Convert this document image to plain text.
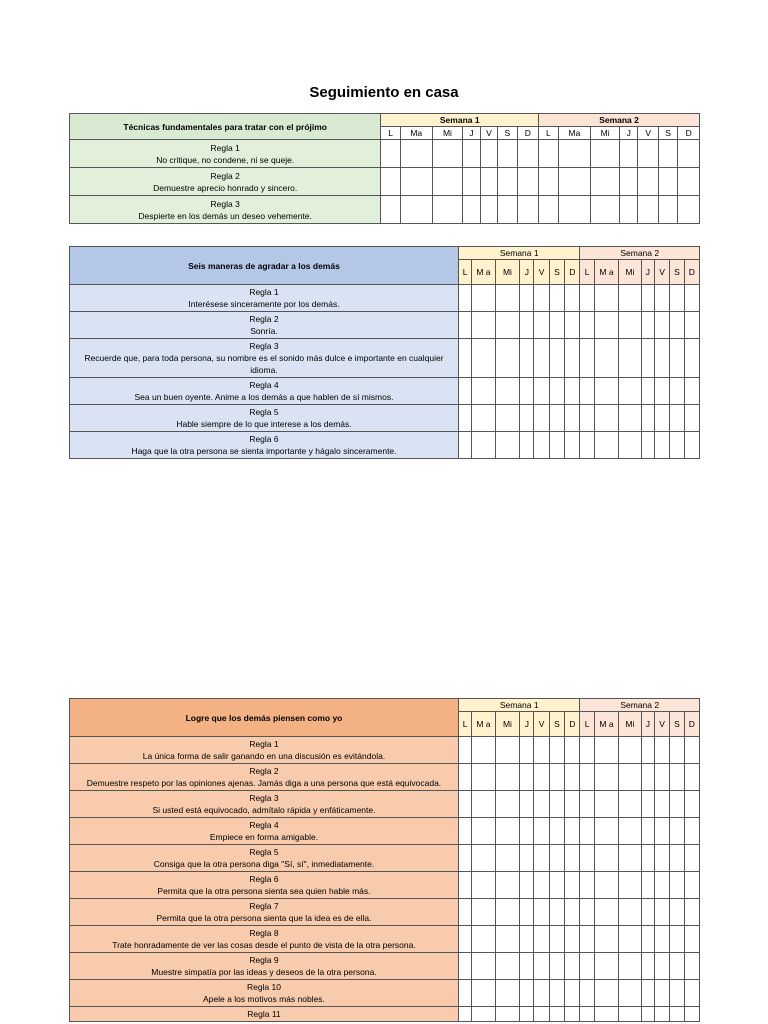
Seguimiento en casa
Técnicas fundamentales para tratar con el prójimo	Semana 1							Semana 2						
	L	Ma	Mi	J	V	S	D	L	Ma	Mi	J	V	S	D

Regla 1
No critique, no condene, ni se queje.														

Regla 2
Demuestre aprecio honrado y sincero.														

Regla 3
Despierte en los demás un deseo vehemente.														

Seis maneras de agradar a los demás	Semana 1							Semana 2						
	L	M a	Mi	J	V	S	D	L	M a	Mi	J	V	S	D

Regla 1
Interésese sinceramente por los demás.														

Regla 2
Sonría.														

Regla 3
Recuerde que, para toda persona, su nombre es el sonido más dulce e importante en cualquier idioma.														

Regla 4
Sea un buen oyente. Anime a los demás a que hablen de sí mismos.														

Regla 5
Hable siempre de lo que interese a los demás.														

Regla 6
Haga que la otra persona se sienta importante y hágalo sinceramente.														

Logre que los demás piensen como yo	Semana 1							Semana 2						
	L	M a	Mi	J	V	S	D	L	M a	Mi	J	V	S	D

Regla 1
La única forma de salir ganando en una discusión es evitándola.														

Regla 2
Demuestre respeto por las opiniones ajenas. Jamás diga a una persona que está equivocada.														

Regla 3
Si usted está equivocado, admítalo rápida y enfáticamente.														

Regla 4
Empiece en forma amigable.														

Regla 5
Consiga que la otra persona diga "Sí, sí", inmediatamente.														

Regla 6
Permita que la otra persona sienta sea quien hable más.														

Regla 7
Permita que la otra persona sienta que la idea es de ella.														

Regla 8
Trate honradamente de ver las cosas desde el punto de vista de la otra persona.														

Regla 9
Muestre simpatía por las ideas y deseos de la otra persona.														

Regla 10
Apele a los motivos más nobles.														

Regla 11														
